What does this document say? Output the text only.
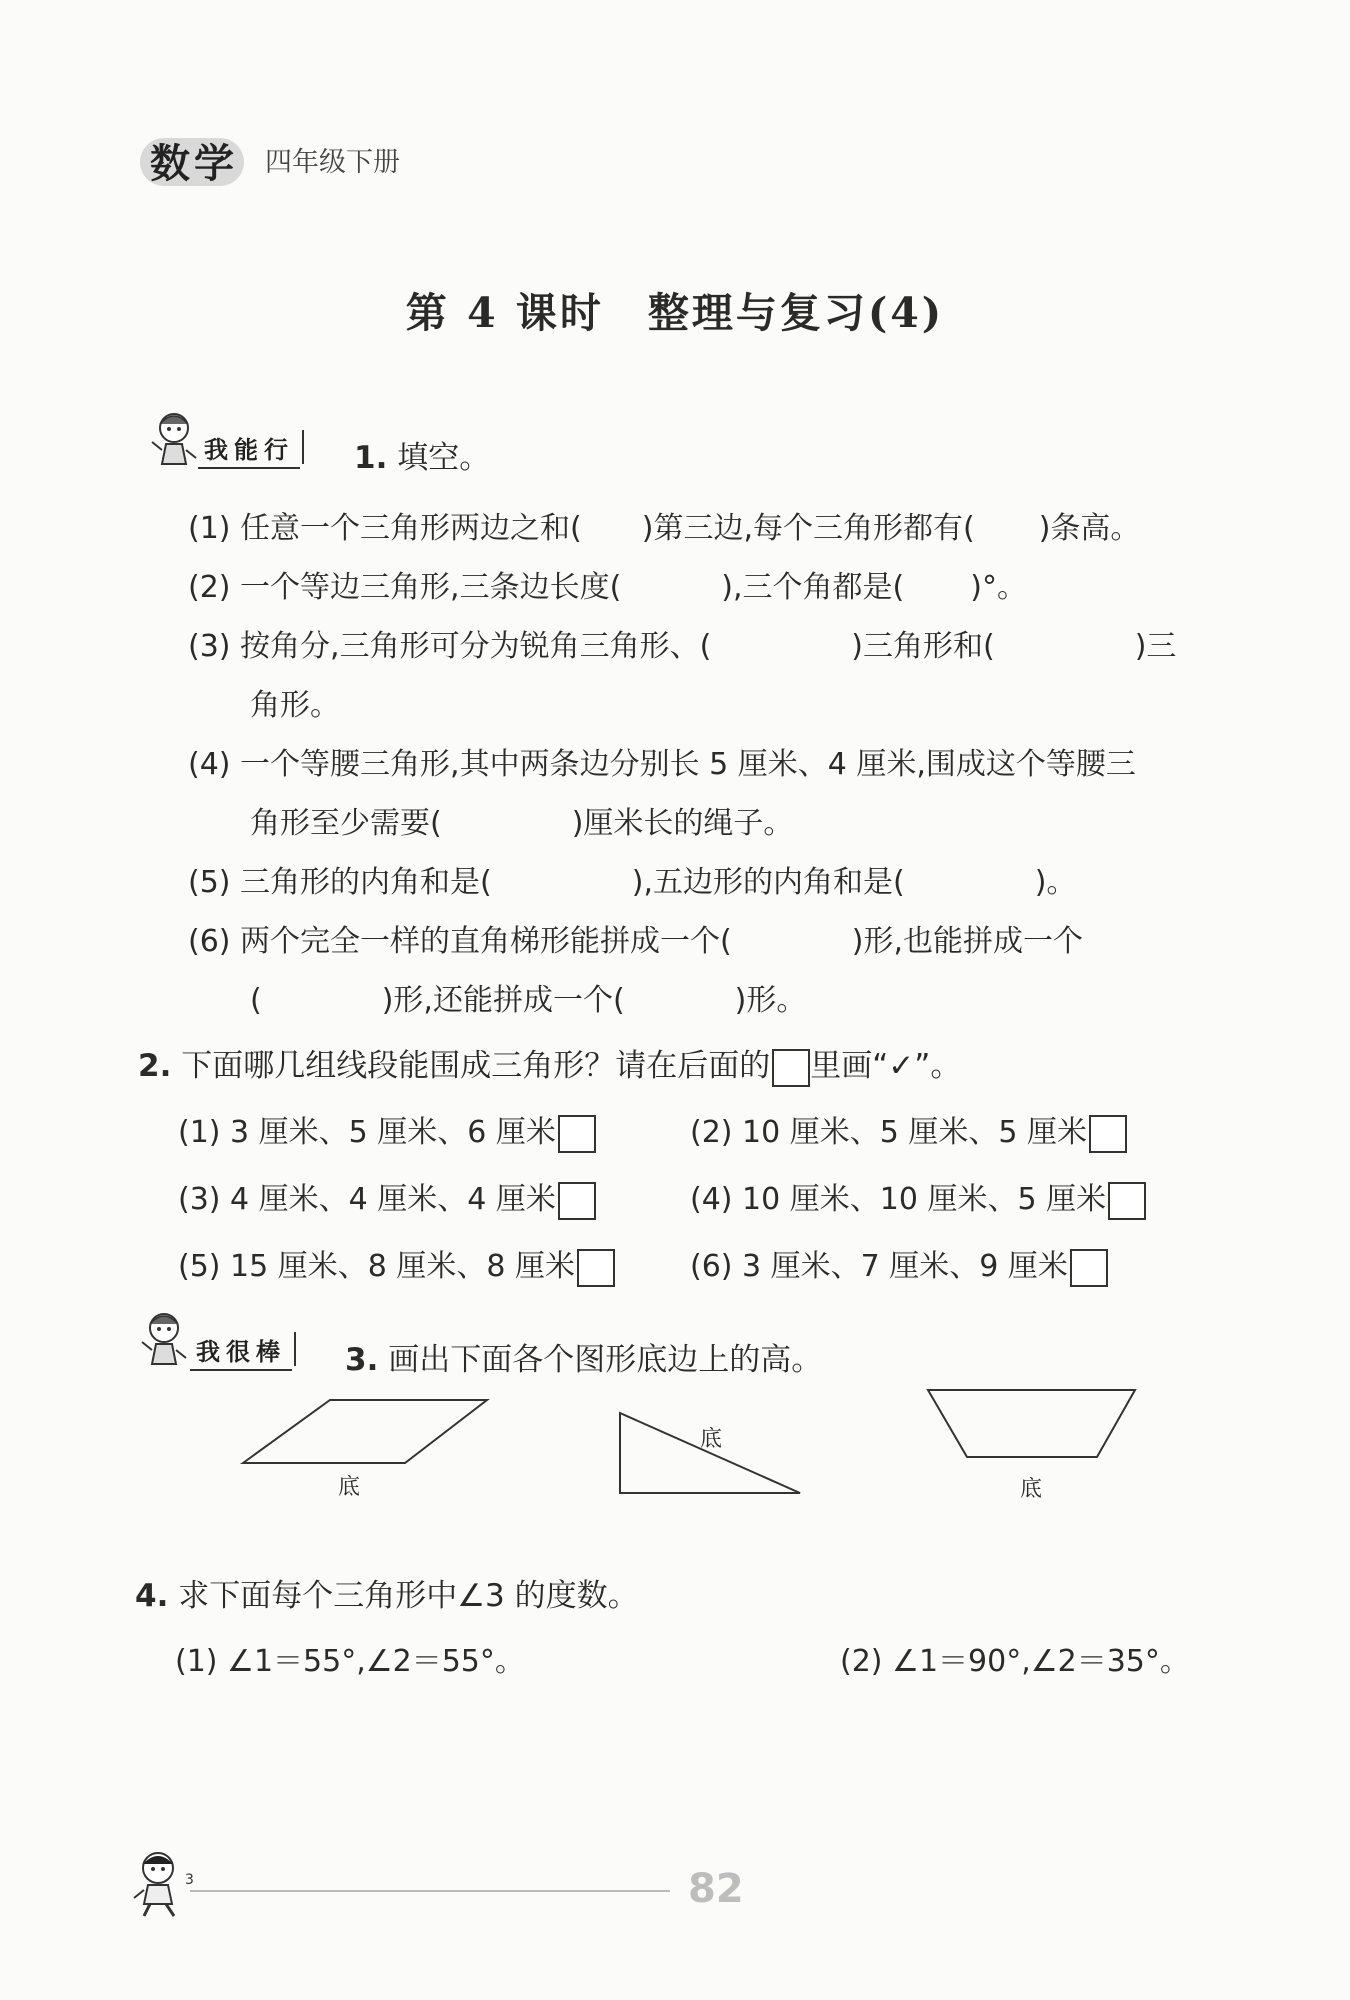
数学 四年级下册
第 4 课时　整理与复习(4)
我能行 1. 填空。
(1) 任意一个三角形两边之和( )第三边,每个三角形都有( )条高。
(2) 一个等边三角形,三条边长度(	),三个角都是( )°。
(3) 按角分,三角形可分为锐角三角形、(	)三角形和(	)三
角形。
(4) 一个等腰三角形,其中两条边分别长 5 厘米、4 厘米,围成这个等腰三
角形至少需要(	)厘米长的绳子。
(5) 三角形的内角和是(	),五边形的内角和是(	)。
(6) 两个完全一样的直角梯形能拼成一个(	)形,也能拼成一个
(	)形,还能拼成一个(	)形。
2. 下面哪几组线段能围成三角形？请在后面的 里画“✓”。
(1) 3 厘米、5 厘米、6 厘米	(2) 10 厘米、5 厘米、5 厘米
(3) 4 厘米、4 厘米、4 厘米	(4) 10 厘米、10 厘米、5 厘米
(5) 15 厘米、8 厘米、8 厘米	(6) 3 厘米、7 厘米、9 厘米
我很棒 3. 画出下面各个图形底边上的高。
底
底
底
4. 求下面每个三角形中∠3 的度数。
(1) ∠1＝55°,∠2＝55°。	(2) ∠1＝90°,∠2＝35°。
3	82
